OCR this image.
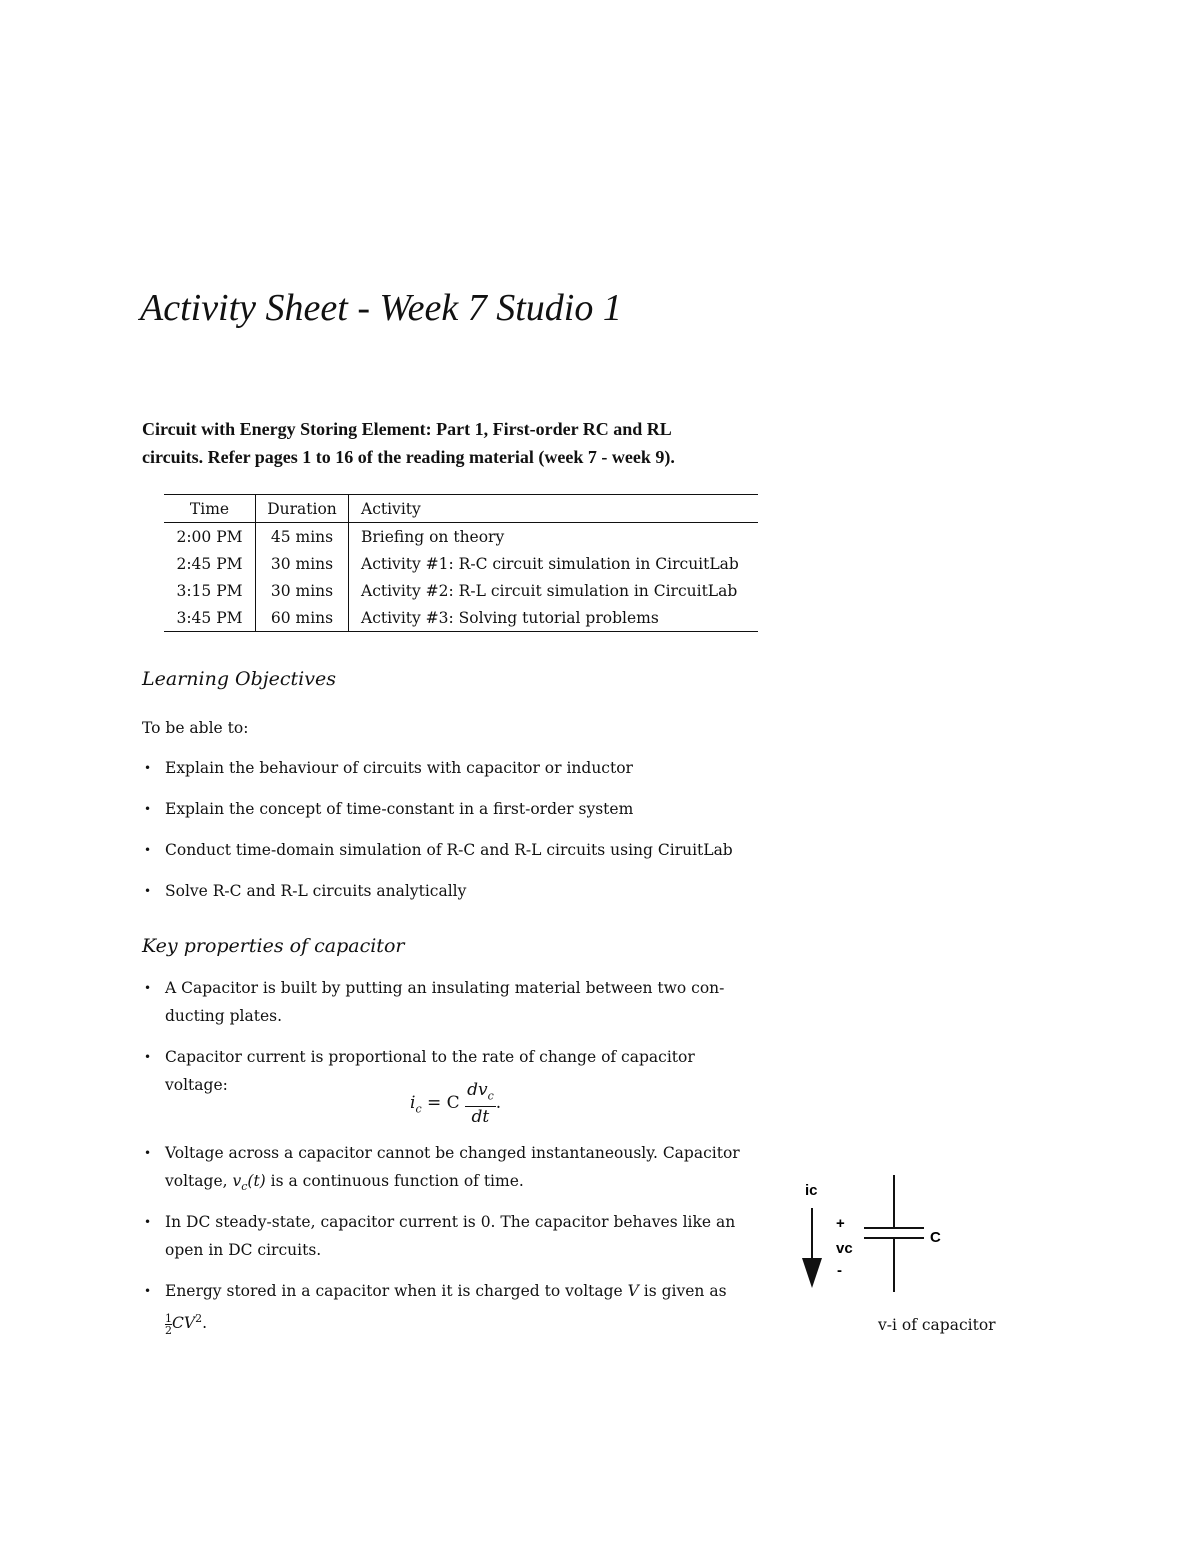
Activity Sheet - Week 7 Studio 1
Circuit with Energy Storing Element: Part 1, First-order RC and RL
circuits. Refer pages 1 to 16 of the reading material (week 7 - week 9).
Time	Duration	Activity
2:00 PM	45 mins	Briefing on theory
2:45 PM	30 mins	Activity #1: R-C circuit simulation in CircuitLab
3:15 PM	30 mins	Activity #2: R-L circuit simulation in CircuitLab
3:45 PM	60 mins	Activity #3: Solving tutorial problems
Learning Objectives
To be able to:
• Explain the behaviour of circuits with capacitor or inductor
• Explain the concept of time-constant in a first-order system
• Conduct time-domain simulation of R-C and R-L circuits using CiruitLab
• Solve R-C and R-L circuits analytically
Key properties of capacitor
• A Capacitor is built by putting an insulating material between two con-
ducting plates.
• Capacitor current is proportional to the rate of change of capacitor voltage:
$i_c = C \frac{dv_c}{dt}$ .
• Voltage across a capacitor cannot be changed instantaneously. Capacitor
voltage, $v_c(t)$ is a continuous function of time.
• In DC steady-state, capacitor current is 0. The capacitor behaves like an
open in DC circuits.
• Energy stored in a capacitor when it is charged to voltage V is given as
$\frac{1}{2} CV^2$.
ic
+
vc
-
C
v-i of capacitor
